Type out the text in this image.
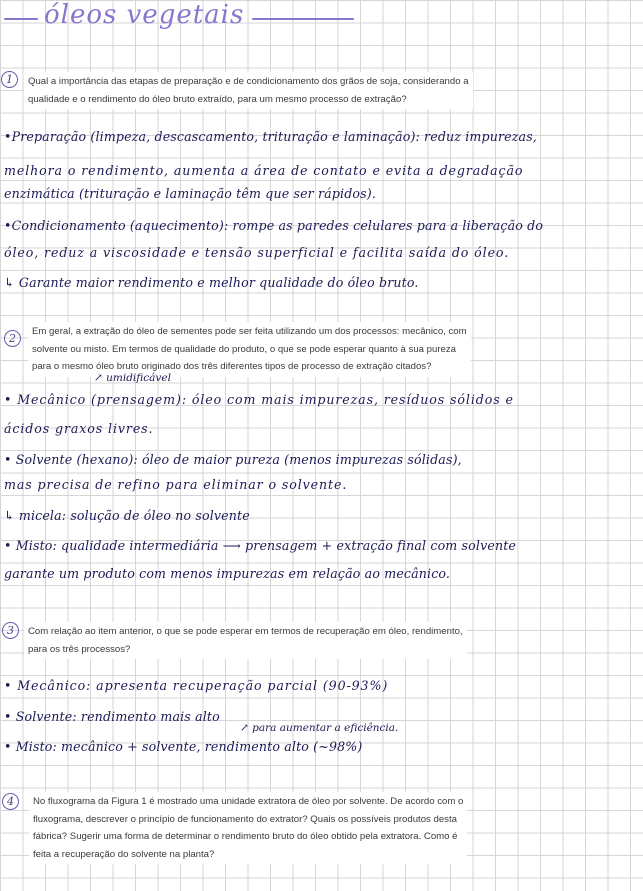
óleos vegetais
1	Qual a importância das etapas de preparação e de condicionamento dos grãos de soja, considerando a
qualidade e o rendimento do óleo bruto extraído, para um mesmo processo de extração?
•Preparação (limpeza, descascamento, trituração e laminação): reduz impurezas,
melhora o rendimento, aumenta a área de contato e evita a degradação
enzimática (trituração e laminação têm que ser rápidos).
•Condicionamento (aquecimento): rompe as paredes celulares para a liberação do
óleo, reduz a viscosidade e tensão superficial e facilita saída do óleo.
↳ Garante maior rendimento e melhor qualidade do óleo bruto.
2
Em geral, a extração do óleo de sementes pode ser feita utilizando um dos processos: mecânico, com
solvente ou misto. Em termos de qualidade do produto, o que se pode esperar quanto à sua pureza
para o mesmo óleo bruto originado dos três diferentes tipos de processo de extração citados?
↗ umidificável
• Mecânico (prensagem): óleo com mais impurezas, resíduos sólidos e
ácidos graxos livres.
• Solvente (hexano): óleo de maior pureza (menos impurezas sólidas),
mas precisa de refino para eliminar o solvente.
↳ micela: solução de óleo no solvente
• Misto: qualidade intermediária ⟶ prensagem + extração final com solvente
garante um produto com menos impurezas em relação ao mecânico.
3	Com relação ao item anterior, o que se pode esperar em termos de recuperação em óleo, rendimento,
para os três processos?
• Mecânico: apresenta recuperação parcial (90-93%)
• Solvente: rendimento mais alto
↗ para aumentar a eficiência.
• Misto: mecânico + solvente, rendimento alto (~98%)
4	No fluxograma da Figura 1 é mostrado uma unidade extratora de óleo por solvente. De acordo com o
fluxograma, descrever o princípio de funcionamento do extrator? Quais os possíveis produtos desta
fábrica? Sugerir uma forma de determinar o rendimento bruto do óleo obtido pela extratora. Como é
feita a recuperação do solvente na planta?
